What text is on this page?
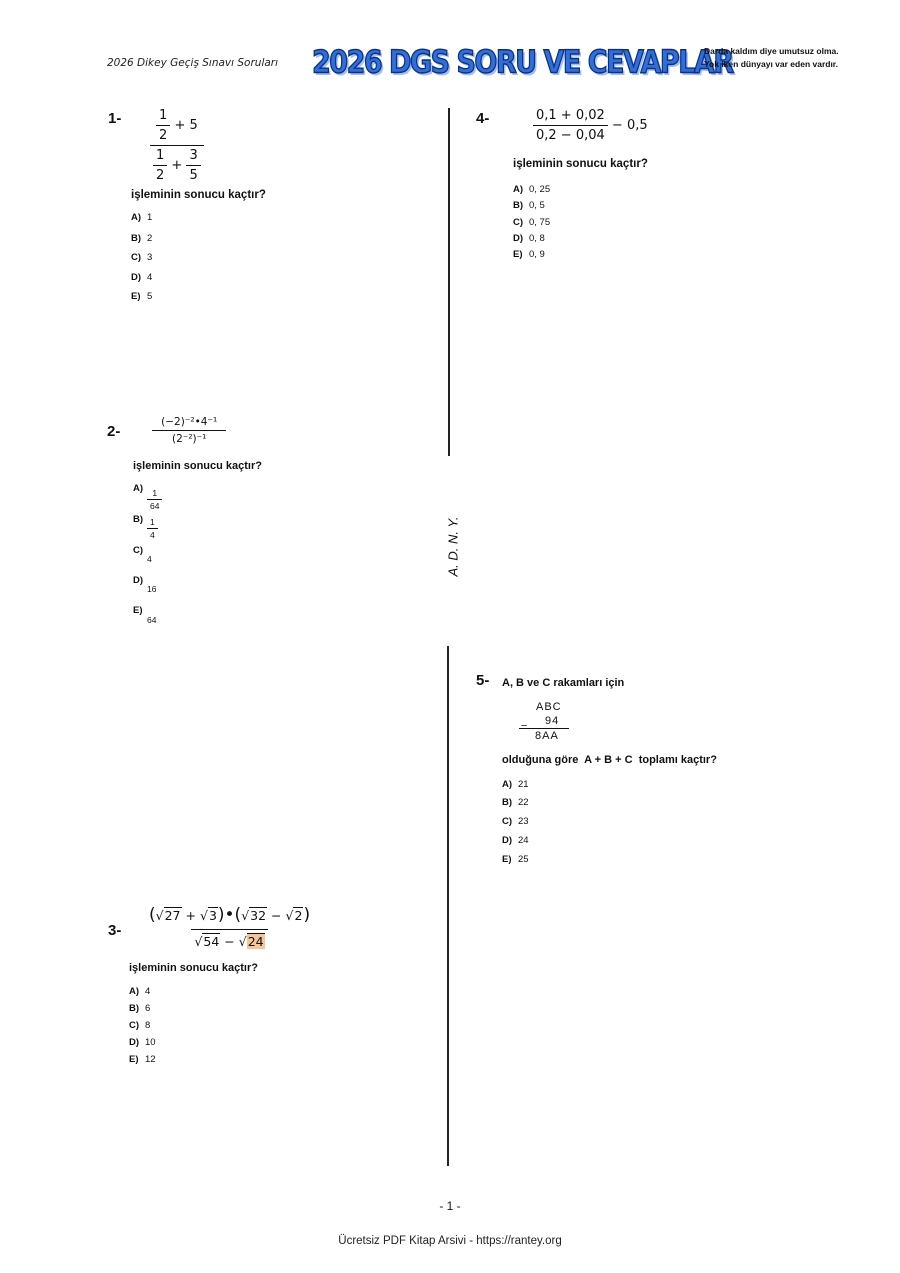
2026 Dikey Geçiş Sınavı Soruları 2026 DGS SORU VE CEVAPLAR
Darda kaldım diye umutsuz olma.
Yok iken dünyayı var eden vardır.
A. D. N. Y.
$1- \frac{\frac{1}{2} + 5}{\frac{1}{2} + \frac{3}{5}}$
işleminin sonucu kaçtır?
A) 1
B) 2
C) 3
D) 4
E) 5
2-	$\frac{\text{(−2)⁻²•4⁻¹}}{\text{(2⁻²)⁻¹}}$
işleminin sonucu kaçtır?
$A) \frac{1}{64}$
$B) \frac{1}{4}$
C)
4
D)
16
E)
64
$3- \frac{(√27 + √3)•(√32 - √2)}{√54 - √24}$
işleminin sonucu kaçtır?
A) 4
B) 6
C) 8
D) 10
E) 12
4-	$\frac{0,1 + 0,02}{0,2 - 0,04} - 0,5$
işleminin sonucu kaçtır?
A) 0, 25
B) 0, 5
C) 0, 75
D) 0, 8
E) 0, 9
5- A, B ve C rakamları için
ABC
− 94
8AA
olduğuna göre  A + B + C  toplamı kaçtır?
A) 21
B) 22
C) 23
D) 24
E) 25
- 1 -
Ücretsiz PDF Kitap Arsivi - https://rantey.org
